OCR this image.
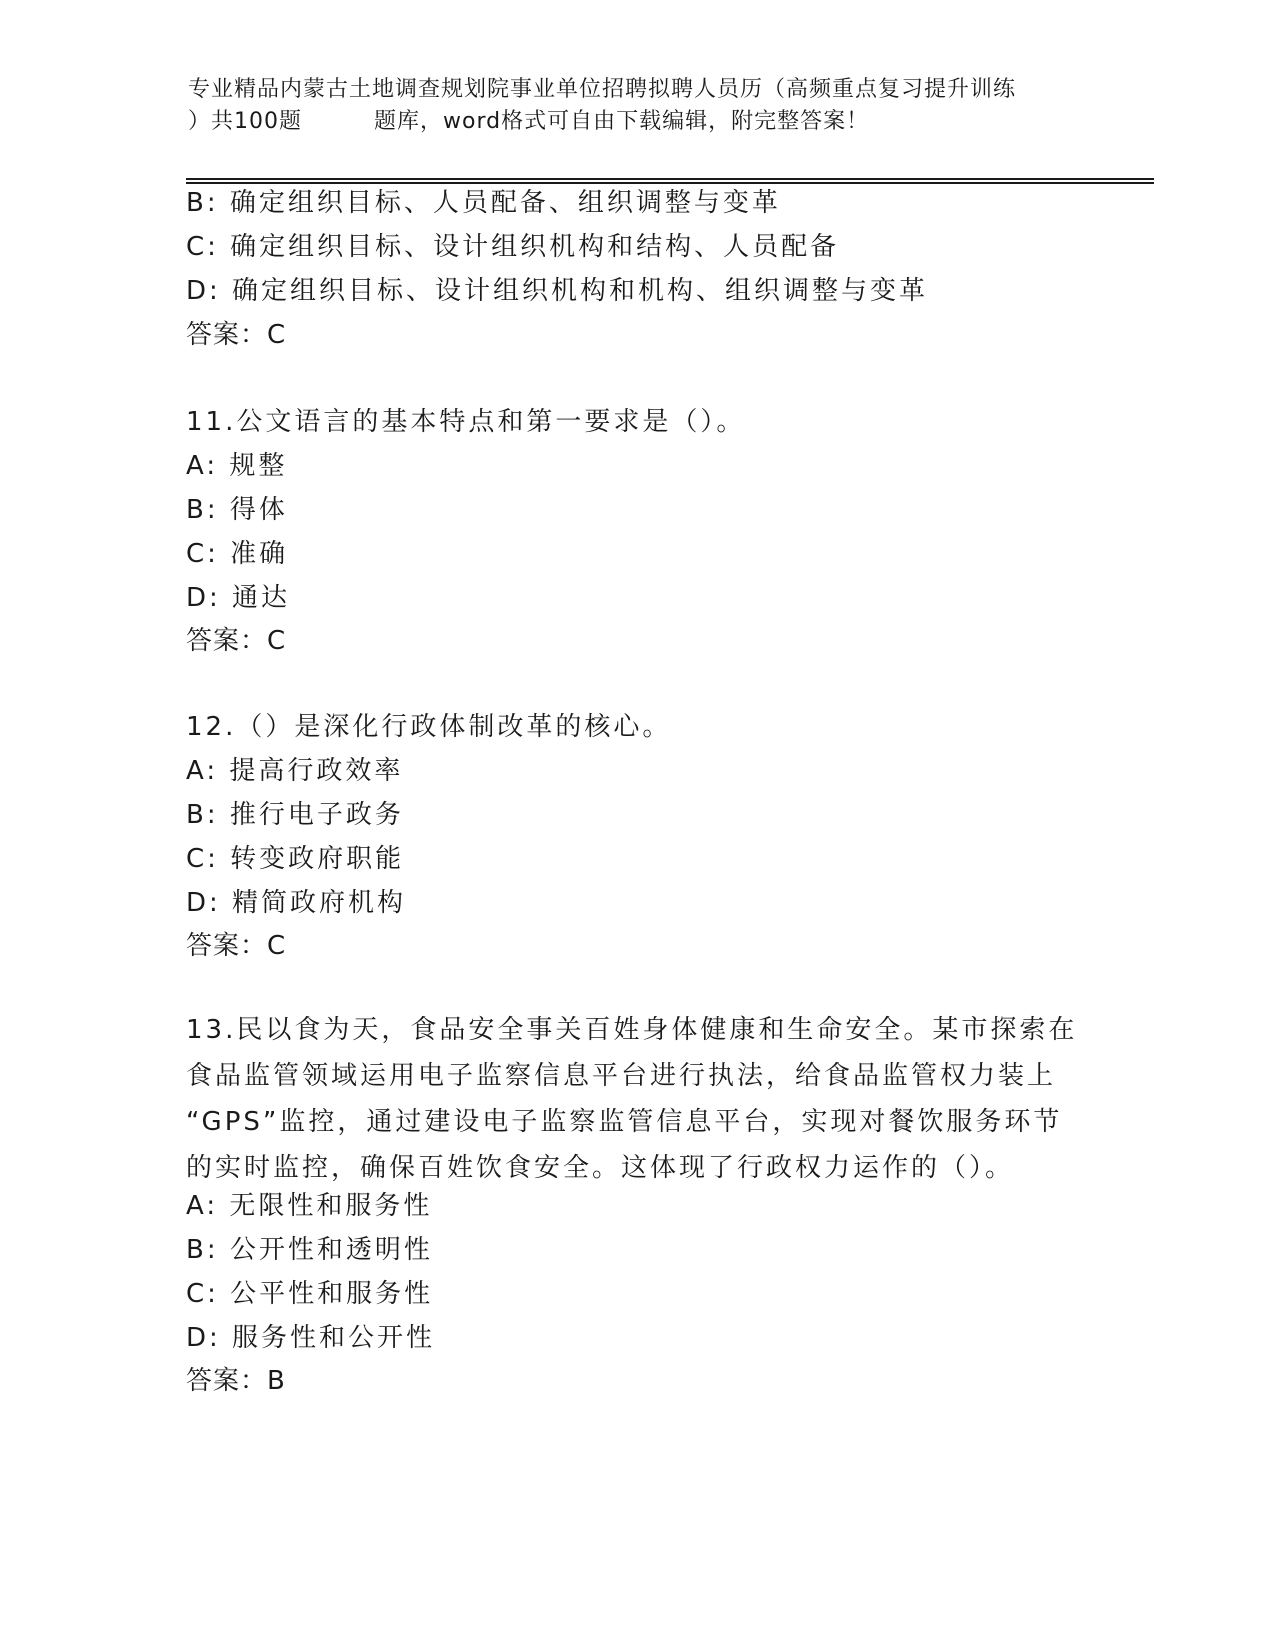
专业精品内蒙古土地调查规划院事业单位招聘拟聘人员历（高频重点复习提升训练
）共100题	题库，word格式可自由下载编辑，附完整答案！
B: 确定组织目标、人员配备、组织调整与变革
C: 确定组织目标、设计组织机构和结构、人员配备
D: 确定组织目标、设计组织机构和机构、组织调整与变革
答案：C
11.公文语言的基本特点和第一要求是（）。
A: 规整
B: 得体
C: 准确
D: 通达
答案：C
12.（）是深化行政体制改革的核心。
A: 提高行政效率
B: 推行电子政务
C: 转变政府职能
D: 精简政府机构
答案：C
13.民以食为天，食品安全事关百姓身体健康和生命安全。某市探索在
食品监管领域运用电子监察信息平台进行执法，给食品监管权力装上
“GPS”监控，通过建设电子监察监管信息平台，实现对餐饮服务环节
的实时监控，确保百姓饮食安全。这体现了行政权力运作的（）。
A: 无限性和服务性
B: 公开性和透明性
C: 公平性和服务性
D: 服务性和公开性
答案：B
